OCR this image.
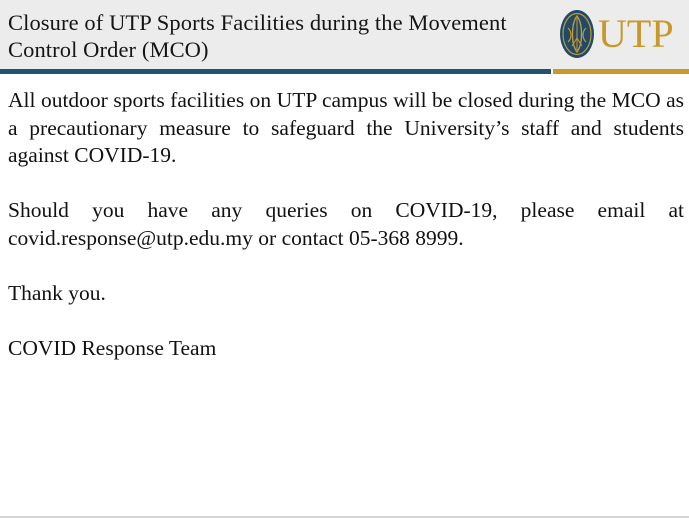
Closure of UTP Sports Facilities during the Movement Control Order (MCO)	UTP

All outdoor sports facilities on UTP campus will be closed during the MCO as a precautionary measure to safeguard the University’s staff and students against COVID-19.

Should you have any queries on COVID-19, please email at covid.response@utp.edu.my or contact 05-368 8999.

Thank you.

COVID Response Team
